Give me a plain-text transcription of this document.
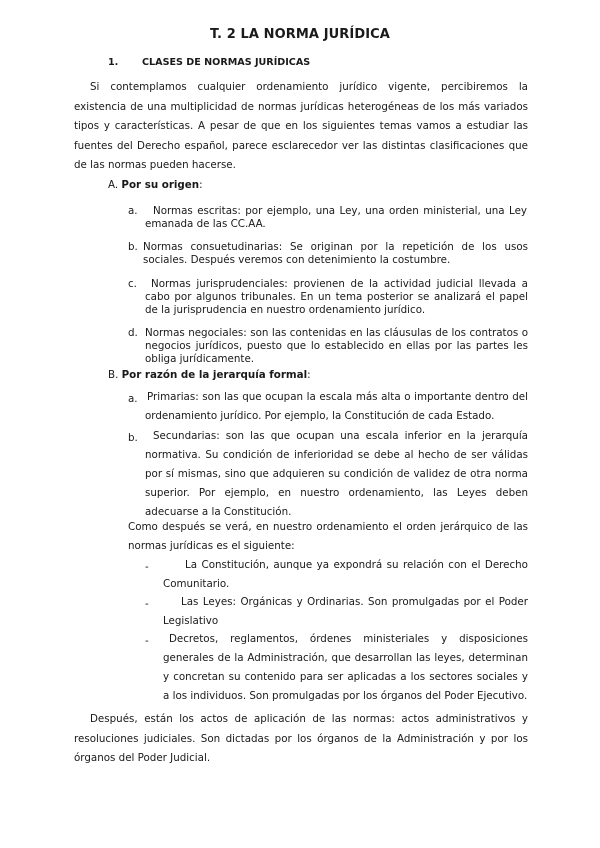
T. 2 LA NORMA JURÍDICA
1. CLASES DE NORMAS JURÍDICAS

Si contemplamos cualquier ordenamiento jurídico vigente, percibiremos la existencia de una multiplicidad de normas jurídicas heterogéneas de los más variados tipos y características. A pesar de que en los siguientes temas vamos a estudiar las fuentes del Derecho español, parece esclarecedor ver las distintas clasificaciones que de las normas pueden hacerse.

A. Por su origen:
a.	Normas escritas: por ejemplo, una Ley, una orden ministerial, una Ley emanada de las CC.AA.

b. Normas consuetudinarias: Se originan por la repetición de los usos sociales. Después veremos con detenimiento la costumbre.

c.	Normas jurisprudenciales: provienen de la actividad judicial llevada a cabo por algunos tribunales. En un tema posterior se analizará el papel de la jurisprudencia en nuestro ordenamiento jurídico.

d. Normas negociales: son las contenidas en las cláusulas de los contratos o negocios jurídicos, puesto que lo establecido en ellas por las partes les obliga jurídicamente.

B. Por razón de la jerarquía formal:
a. Primarias: son las que ocupan la escala más alta o importante dentro del ordenamiento jurídico. Por ejemplo, la Constitución de cada Estado.

b.	Secundarias: son las que ocupan una escala inferior en la jerarquía normativa. Su condición de inferioridad se debe al hecho de ser válidas por sí mismas, sino que adquieren su condición de validez de otra norma superior. Por ejemplo, en nuestro ordenamiento, las Leyes deben adecuarse a la Constitución.

Como después se verá, en nuestro ordenamiento el orden jerárquico de las normas jurídicas es el siguiente:

-	La Constitución, aunque ya expondrá su relación con el Derecho Comunitario.

-	Las Leyes: Orgánicas y Ordinarias. Son promulgadas por el Poder Legislativo

-	Decretos, reglamentos, órdenes ministeriales y disposiciones generales de la Administración, que desarrollan las leyes, determinan y concretan su contenido para ser aplicadas a los sectores sociales y a los individuos. Son promulgadas por los órganos del Poder Ejecutivo.

Después, están los actos de aplicación de las normas: actos administrativos y resoluciones judiciales. Son dictadas por los órganos de la Administración y por los órganos del Poder Judicial.
